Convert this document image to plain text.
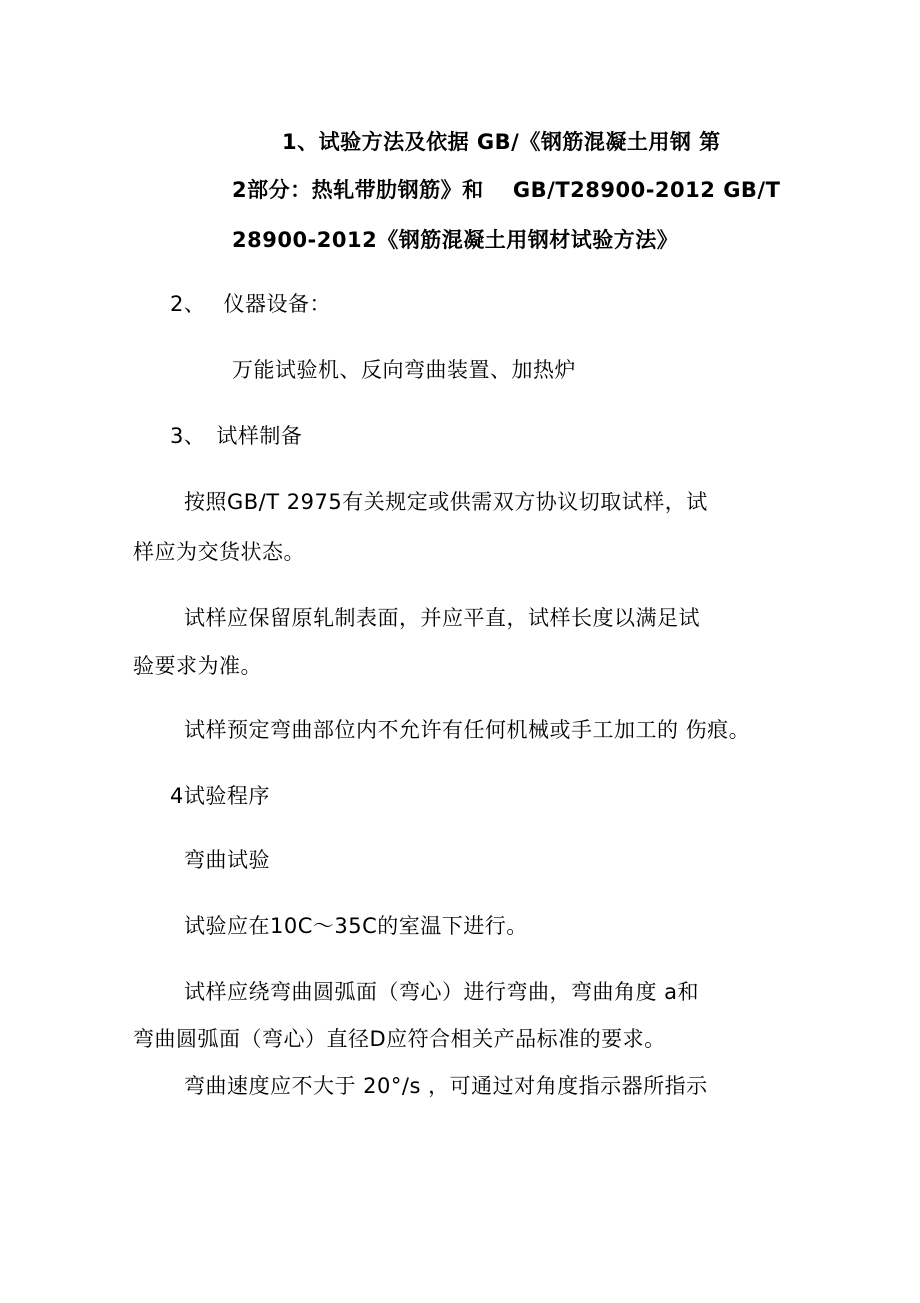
1、试验方法及依据 GB/《钢筋混凝土用钢 第
2部分：热轧带肋钢筋》和　 GB/T28900-2012 GB/T
28900-2012《钢筋混凝土用钢材试验方法》
2、　 仪器设备：
万能试验机、反向弯曲装置、加热炉
3、　试样制备
按照GB/T 2975有关规定或供需双方协议切取试样，试
样应为交货状态。
试样应保留原轧制表面，并应平直，试样长度以满足试
验要求为准。
试样预定弯曲部位内不允许有任何机械或手工加工的 伤痕。
4试验程序
弯曲试验
试验应在10C～35C的室温下进行。
试样应绕弯曲圆弧面（弯心）进行弯曲，弯曲角度 a和
弯曲圆弧面（弯心）直径D应符合相关产品标准的要求。
弯曲速度应不大于 20°/s ，可通过对角度指示器所指示
